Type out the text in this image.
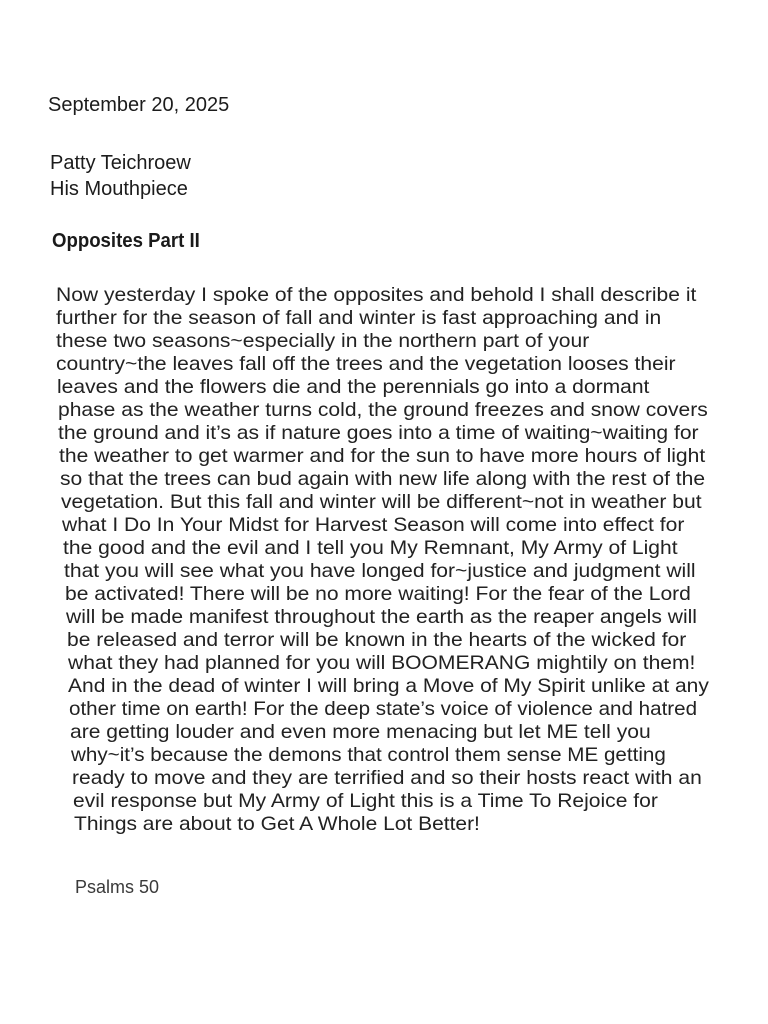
September 20, 2025
Patty Teichroew
His Mouthpiece
Opposites Part II
Now yesterday I spoke of the opposites and behold I shall describe it
further for the season of fall and winter is fast approaching and in
these two seasons~especially in the northern part of your
country~the leaves fall off the trees and the vegetation looses their
leaves and the flowers die and the perennials go into a dormant
phase as the weather turns cold, the ground freezes and snow covers
the ground and it’s as if nature goes into a time of waiting~waiting for
the weather to get warmer and for the sun to have more hours of light
so that the trees can bud again with new life along with the rest of the
vegetation. But this fall and winter will be different~not in weather but
what I Do In Your Midst for Harvest Season will come into effect for
the good and the evil and I tell you My Remnant, My Army of Light
that you will see what you have longed for~justice and judgment will
be activated! There will be no more waiting! For the fear of the Lord
will be made manifest throughout the earth as the reaper angels will
be released and terror will be known in the hearts of the wicked for
what they had planned for you will BOOMERANG mightily on them!
And in the dead of winter I will bring a Move of My Spirit unlike at any
other time on earth! For the deep state’s voice of violence and hatred
are getting louder and even more menacing but let ME tell you
why~it’s because the demons that control them sense ME getting
ready to move and they are terrified and so their hosts react with an
evil response but My Army of Light this is a Time To Rejoice for
Things are about to Get A Whole Lot Better!
Psalms 50
